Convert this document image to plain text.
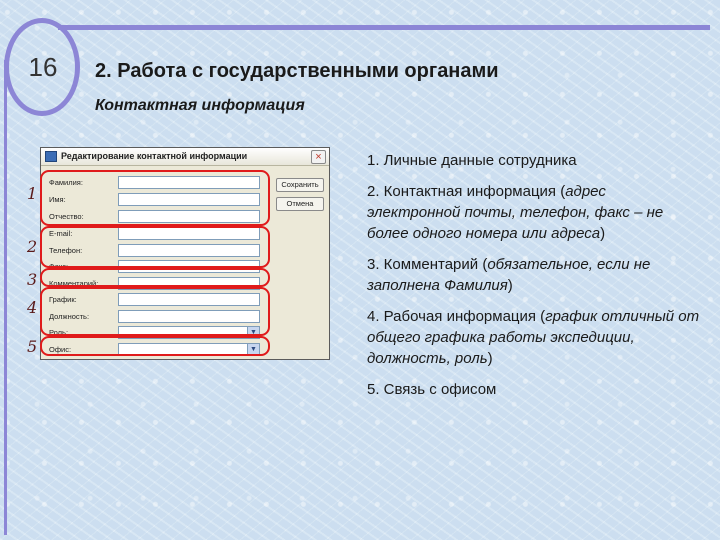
16	2. Работа с государственными органами
Контактная информация
Редактирование контактной информации	×
Фамилия:
Имя:
Отчество:
E-mail:
Телефон:
Факс:
Комментарий:
График:
Должность:
Роль:	▼
Офис:	▼
Сохранить
Отмена
1
2
3
4
5
1. Личные данные сотрудника
2. Контактная информация (адрес электронной почты, телефон, факс – не более одного номера или адреса)
3. Комментарий (обязательное, если не заполнена Фамилия)
4. Рабочая информация (график отличный от общего графика работы экспедиции, должность, роль)
5. Связь с офисом
